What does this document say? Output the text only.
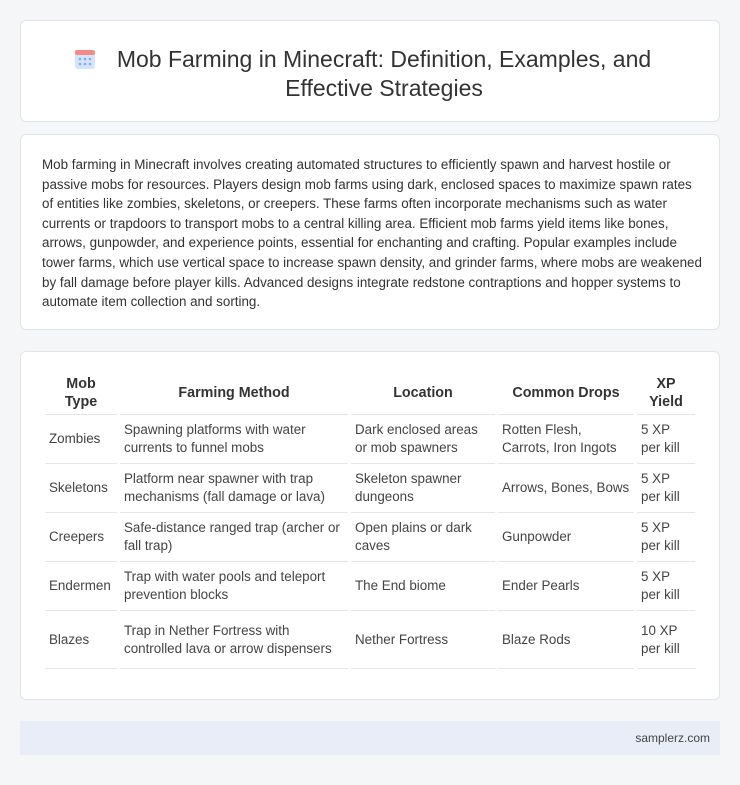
Mob Farming in Minecraft: Definition, Examples, and Effective Strategies

Mob farming in Minecraft involves creating automated structures to efficiently spawn and harvest hostile or passive mobs for resources. Players design mob farms using dark, enclosed spaces to maximize spawn rates of entities like zombies, skeletons, or creepers. These farms often incorporate mechanisms such as water currents or trapdoors to transport mobs to a central killing area. Efficient mob farms yield items like bones, arrows, gunpowder, and experience points, essential for enchanting and crafting. Popular examples include tower farms, which use vertical space to increase spawn density, and grinder farms, where mobs are weakened by fall damage before player kills. Advanced designs integrate redstone contraptions and hopper systems to automate item collection and sorting.

Mob Type	Farming Method	Location	Common Drops	XP Yield
Zombies	Spawning platforms with water currents to funnel mobs	Dark enclosed areas or mob spawners	Rotten Flesh, Carrots, Iron Ingots	5 XP per kill
Skeletons	Platform near spawner with trap mechanisms (fall damage or lava)	Skeleton spawner dungeons	Arrows, Bones, Bows	5 XP per kill
Creepers	Safe-distance ranged trap (archer or fall trap)	Open plains or dark caves	Gunpowder	5 XP per kill
Endermen	Trap with water pools and teleport prevention blocks	The End biome	Ender Pearls	5 XP per kill
Blazes	Trap in Nether Fortress with controlled lava or arrow dispensers	Nether Fortress	Blaze Rods	10 XP per kill
samplerz.com
